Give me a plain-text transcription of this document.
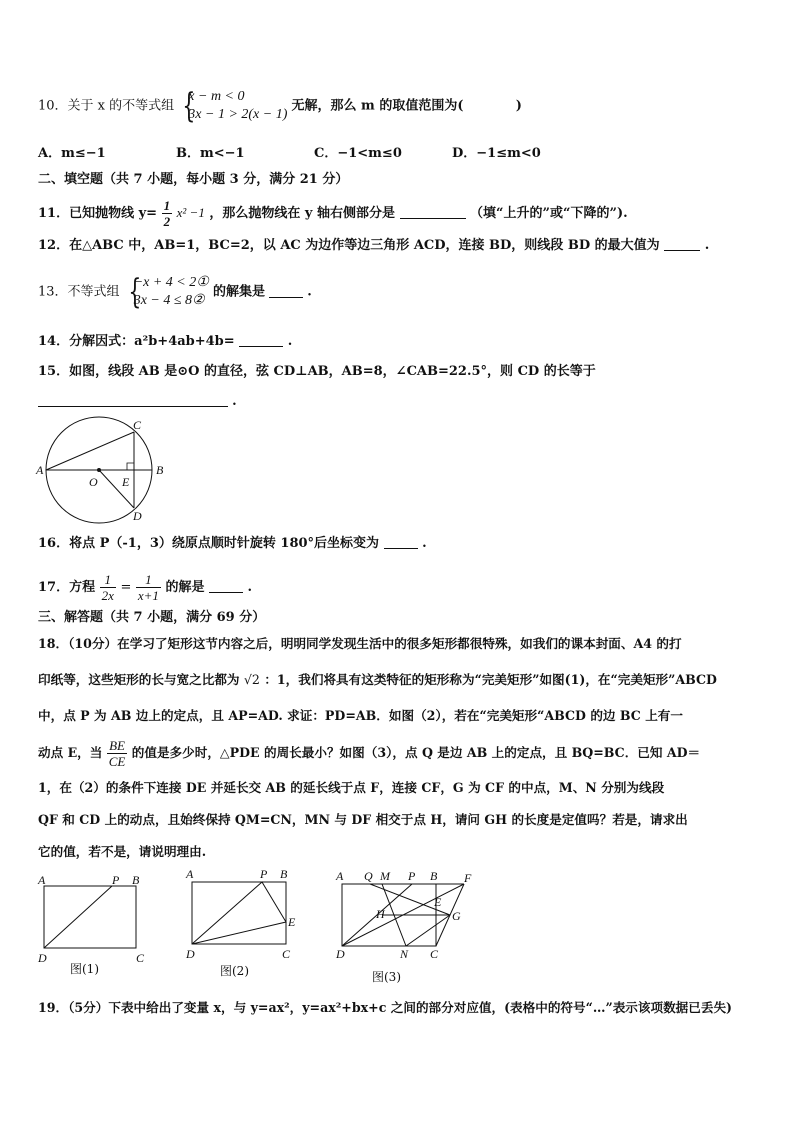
10．关于 x 的不等式组 {
x − m < 0
3x − 1 > 2(x − 1)
无解，那么 m 的取值范围为(	)
A．m≤−1	B．m<−1	C．−1<m≤0	D．−1≤m<0
二、填空题（共 7 小题，每小题 3 分，满分 21 分）
11．已知抛物线 $y= \frac{1}{2} x^2 -1$ ，那么抛物线在 y 轴右侧部分是	（填“上升的”或“下降的”).
12．在△ABC 中，AB=1，BC=2，以 AC 为边作等边三角形 ACD，连接 BD，则线段 BD 的最大值为	.
13．不等式组 {
−x + 4 < 2①
3x − 4 ≤ 8②
的解集是	.
14．分解因式：a²b+4ab+4b=	.
15．如图，线段 AB 是⊙O 的直径，弦 CD⊥AB，AB=8，∠CAB=22.5°，则 CD 的长等于
.
A	B
C
D
O E
16．将点 P（-1，3）绕原点顺时针旋转 180°后坐标变为	.
17．方程 $\frac{1}{2x} = \frac{1}{x+1}$ 的解是	.
三、解答题（共 7 小题，满分 69 分）
18．（10分）在学习了矩形这节内容之后，明明同学发现生活中的很多矩形都很特殊，如我们的课本封面、A4 的打
印纸等，这些矩形的长与宽之比都为 √2 ：1，我们将具有这类特征的矩形称为“完美矩形”如图(1)，在“完美矩形”ABCD
中，点 P 为 AB 边上的定点，且 AP=AD. 求证：PD=AB．如图（2），若在“完美矩形“ABCD 的边 BC 上有一
动点 E，当 $\frac{BE}{CE}$ 的值是多少时，△PDE 的周长最小？如图（3），点 Q 是边 AB 上的定点，且 BQ=BC．已知 AD＝
1，在（2）的条件下连接 DE 并延长交 AB 的延长线于点 F，连接 CF，G 为 CF 的中点，M、N 分别为线段
QF 和 CD 上的动点，且始终保持 QM=CN，MN 与 DF 相交于点 H，请问 GH 的长度是定值吗？若是，请求出
它的值，若不是，请说明理由.
A	P B
D	C
图(1)
A	P B
E
D	C
图(2)
A Q M P B F
E
H	G
D	N C
图(3)
19．（5分）下表中给出了变量 x，与 y=ax²，y=ax²+bx+c 之间的部分对应值，(表格中的符号“…”表示该项数据已丢失)
